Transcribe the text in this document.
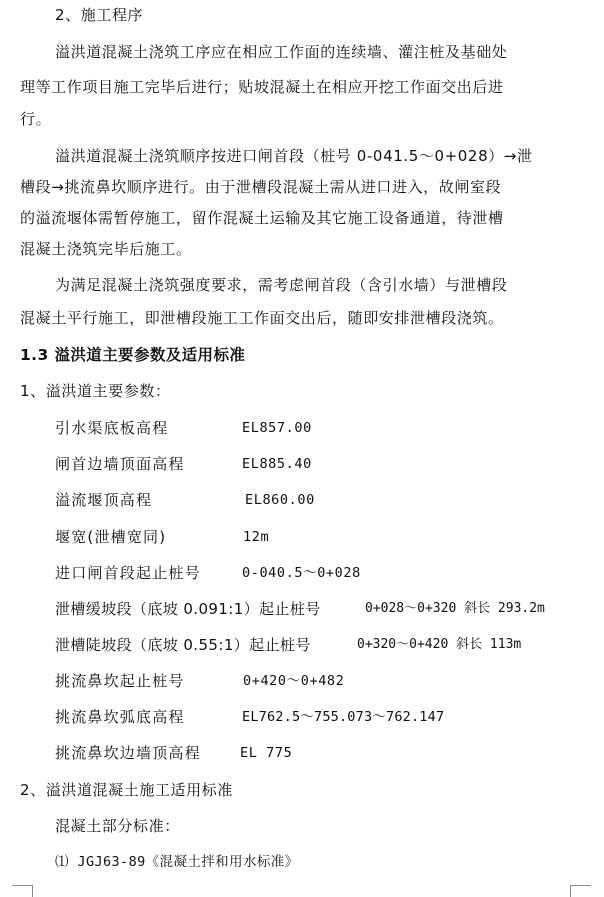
2、施工程序
溢洪道混凝土浇筑工序应在相应工作面的连续墙、灌注桩及基础处
理等工作项目施工完毕后进行；贴坡混凝土在相应开挖工作面交出后进
行。
溢洪道混凝土浇筑顺序按进口闸首段（桩号 0-041.5～0+028）→泄
槽段→挑流鼻坎顺序进行。由于泄槽段混凝土需从进口进入，故闸室段
的溢流堰体需暂停施工，留作混凝土运输及其它施工设备通道，待泄槽
混凝土浇筑完毕后施工。
为满足混凝土浇筑强度要求，需考虑闸首段（含引水墙）与泄槽段
混凝土平行施工，即泄槽段施工工作面交出后，随即安排泄槽段浇筑。
1.3 溢洪道主要参数及适用标准
1、溢洪道主要参数：
引水渠底板高程	EL857.00
闸首边墙顶面高程	EL885.40
溢流堰顶高程	EL860.00
堰宽(泄槽宽同)	12m
进口闸首段起止桩号	0-040.5～0+028
泄槽缓坡段（底坡 0.091:1）起止桩号	0+028～0+320 斜长 293.2m
泄槽陡坡段（底坡 0.55:1）起止桩号	0+320～0+420 斜长 113m
挑流鼻坎起止桩号	0+420～0+482
挑流鼻坎弧底高程	EL762.5～755.073～762.147
挑流鼻坎边墙顶高程	EL 775
2、溢洪道混凝土施工适用标准
混凝土部分标准：
⑴ JGJ63-89《混凝土拌和用水标准》
